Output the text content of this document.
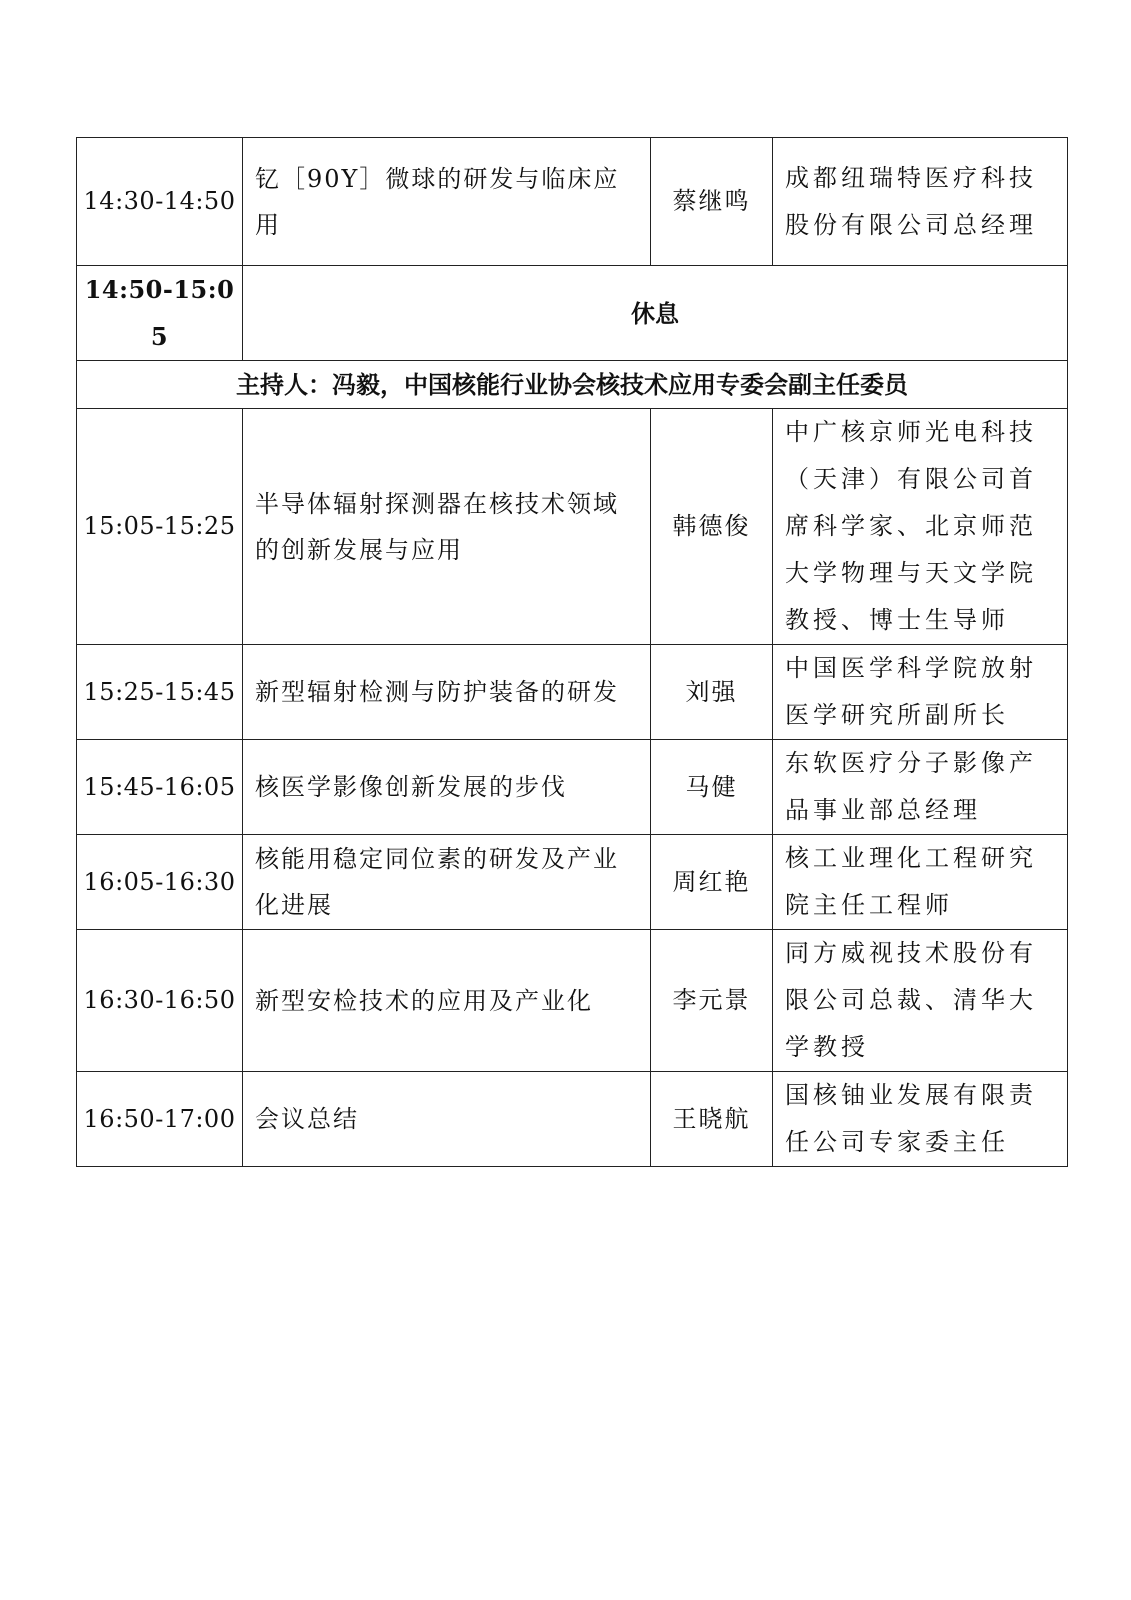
14:30-14:50	钇［90Y］微球的研发与临床应用	蔡继鸣	成都纽瑞特医疗科技股份有限公司总经理
14:50-15:05	休息		
主持人：冯毅，中国核能行业协会核技术应用专委会副主任委员			
15:05-15:25	半导体辐射探测器在核技术领域的创新发展与应用	韩德俊	中广核京师光电科技（天津）有限公司首席科学家、北京师范大学物理与天文学院教授、博士生导师
15:25-15:45	新型辐射检测与防护装备的研发	刘强	中国医学科学院放射医学研究所副所长
15:45-16:05	核医学影像创新发展的步伐	马健	东软医疗分子影像产品事业部总经理
16:05-16:30	核能用稳定同位素的研发及产业化进展	周红艳	核工业理化工程研究院主任工程师
16:30-16:50	新型安检技术的应用及产业化	李元景	同方威视技术股份有限公司总裁、清华大学教授
16:50-17:00	会议总结	王晓航	国核铀业发展有限责任公司专家委主任
